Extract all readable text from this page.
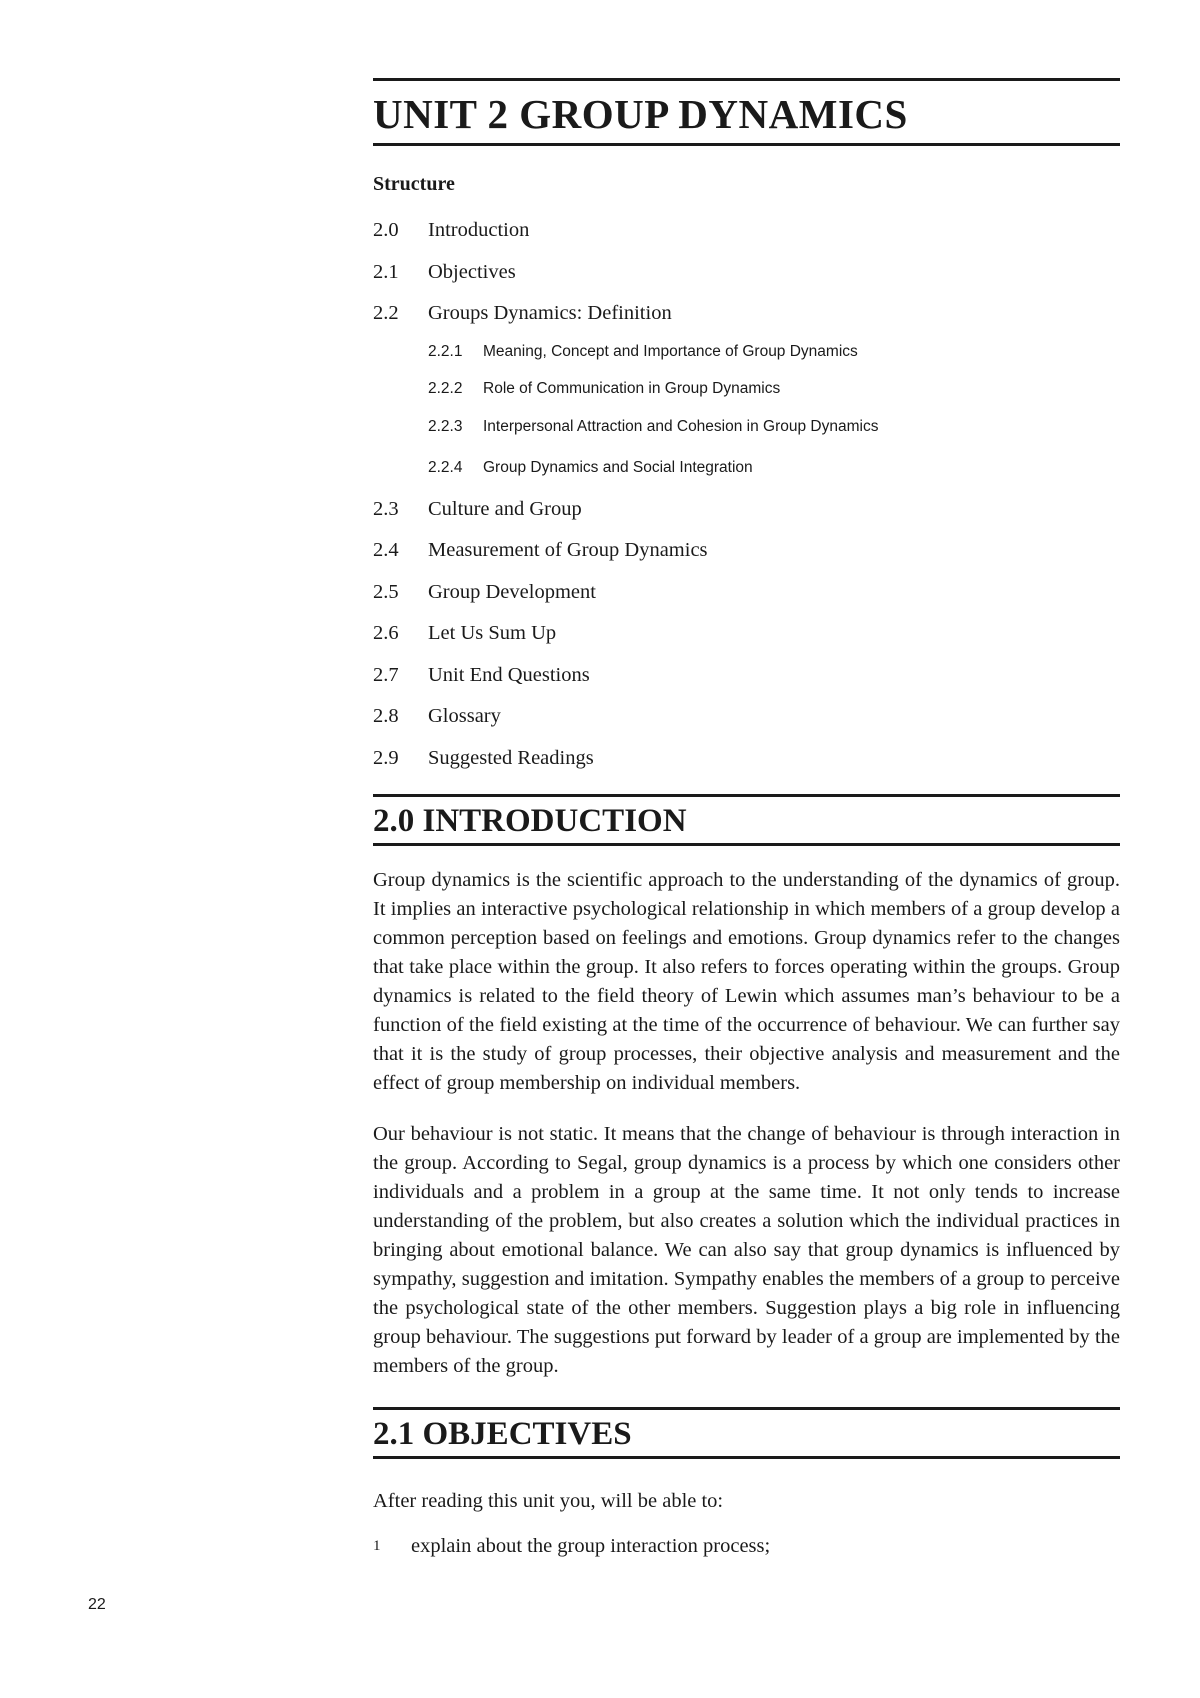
UNIT 2 GROUP DYNAMICS
Structure
2.0	Introduction
2.1	Objectives
2.2	Groups Dynamics: Definition
2.2.1	Meaning, Concept and Importance of Group Dynamics
2.2.2	Role of Communication in Group Dynamics
2.2.3	Interpersonal Attraction and Cohesion in Group Dynamics
2.2.4	Group Dynamics and Social Integration
2.3	Culture and Group
2.4	Measurement of Group Dynamics
2.5	Group Development
2.6	Let Us Sum Up
2.7	Unit End Questions
2.8	Glossary
2.9	Suggested Readings
2.0 INTRODUCTION

Group dynamics is the scientific approach to the understanding of the dynamics of group. It implies an interactive psychological relationship in which members of a group develop a common perception based on feelings and emotions. Group dynamics refer to the changes that take place within the group. It also refers to forces operating within the groups. Group dynamics is related to the field theory of Lewin which assumes man’s behaviour to be a function of the field existing at the time of the occurrence of behaviour. We can further say that it is the study of group processes, their objective analysis and measurement and the effect of group membership on individual members.

Our behaviour is not static. It means that the change of behaviour is through interaction in the group. According to Segal, group dynamics is a process by which one considers other individuals and a problem in a group at the same time. It not only tends to increase understanding of the problem, but also creates a solution which the individual practices in bringing about emotional balance. We can also say that group dynamics is influenced by sympathy, suggestion and imitation. Sympathy enables the members of a group to perceive the psychological state of the other members. Suggestion plays a big role in influencing group behaviour. The suggestions put forward by leader of a group are implemented by the members of the group.

2.1 OBJECTIVES

After reading this unit you, will be able to:

1	explain about the group interaction process;
22
